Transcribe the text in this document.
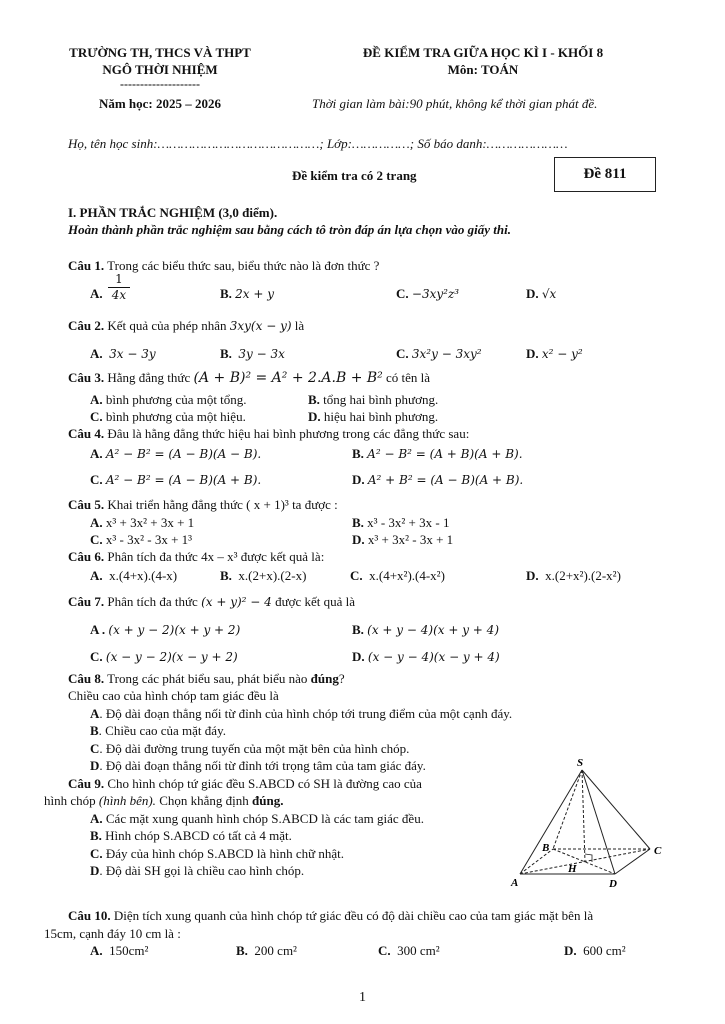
TRƯỜNG TH, THCS VÀ THPT
NGÔ THỜI NHIỆM
--------------------
Năm học: 2025 – 2026
ĐỀ KIỂM TRA GIỮA HỌC KÌ I - KHỐI 8
Môn: TOÁN
Thời gian làm bài:90 phút, không kể thời gian phát đề.
Họ, tên học sinh:……………………………………; Lớp:……………; Số báo danh:…………………
Đề kiểm tra có 2 trang	Đề 811
I. PHẦN TRẮC NGHIỆM (3,0 điểm).
Hoàn thành phần trắc nghiệm sau bằng cách tô tròn đáp án lựa chọn vào giấy thi.
Câu 1. Trong các biểu thức sau, biểu thức nào là đơn thức ?
A.
1
4x	B. 2x + y	C. −3xy²z³	D. √x
Câu 2. Kết quả của phép nhân 3xy(x − y) là
A. 3x − 3y	B. 3y − 3x	C. 3x²y − 3xy²	D. x² − y²
Câu 3. Hằng đẳng thức (A + B)² = A² + 2.A.B + B² có tên là
A. bình phương của một tổng.	B. tổng hai bình phương.
C. bình phương của một hiệu.	D. hiệu hai bình phương.
Câu 4. Đâu là hằng đẳng thức hiệu hai bình phương trong các đẳng thức sau:
A. A² − B² = (A − B)(A − B).	B. A² − B² = (A + B)(A + B).
C. A² − B² = (A − B)(A + B).	D. A² + B² = (A − B)(A + B).
Câu 5. Khai triển hằng đẳng thức ( x + 1)³ ta được :
A. x³ + 3x² + 3x + 1	B. x³ - 3x² + 3x - 1
C. x³ - 3x² - 3x + 1³	D. x³ + 3x² - 3x + 1
Câu 6. Phân tích đa thức 4x – x³ được kết quả là:
A. x.(4+x).(4-x)	B. x.(2+x).(2-x)	C. x.(4+x²).(4-x²)	D. x.(2+x²).(2-x²)
Câu 7. Phân tích đa thức (x + y)² − 4 được kết quả là
A . (x + y − 2)(x + y + 2)	B. (x + y − 4)(x + y + 4)
C. (x − y − 2)(x − y + 2)	D. (x − y − 4)(x − y + 4)
Câu 8. Trong các phát biểu sau, phát biểu nào đúng?
Chiều cao của hình chóp tam giác đều là
A. Độ dài đoạn thẳng nối từ đỉnh của hình chóp tới trung điểm của một cạnh đáy.
B. Chiều cao của mặt đáy.
C. Độ dài đường trung tuyến của một mặt bên của hình chóp.
D. Độ dài đoạn thẳng nối từ đỉnh tới trọng tâm của tam giác đáy.
Câu 9. Cho hình chóp tứ giác đều S.ABCD có SH là đường cao của
hình chóp (hình bên). Chọn khẳng định đúng.
A. Các mặt xung quanh hình chóp S.ABCD là các tam giác đều.
B. Hình chóp S.ABCD có tất cả 4 mặt.
C. Đáy của hình chóp S.ABCD là hình chữ nhật.
D. Độ dài SH gọi là chiều cao hình chóp.
S
A
B	C
D
H
Câu 10. Diện tích xung quanh của hình chóp tứ giác đều có độ dài chiều cao của tam giác mặt bên là
15cm, cạnh đáy 10 cm là :
A. 150cm²	B. 200 cm²	C. 300 cm²	D. 600 cm²
1
